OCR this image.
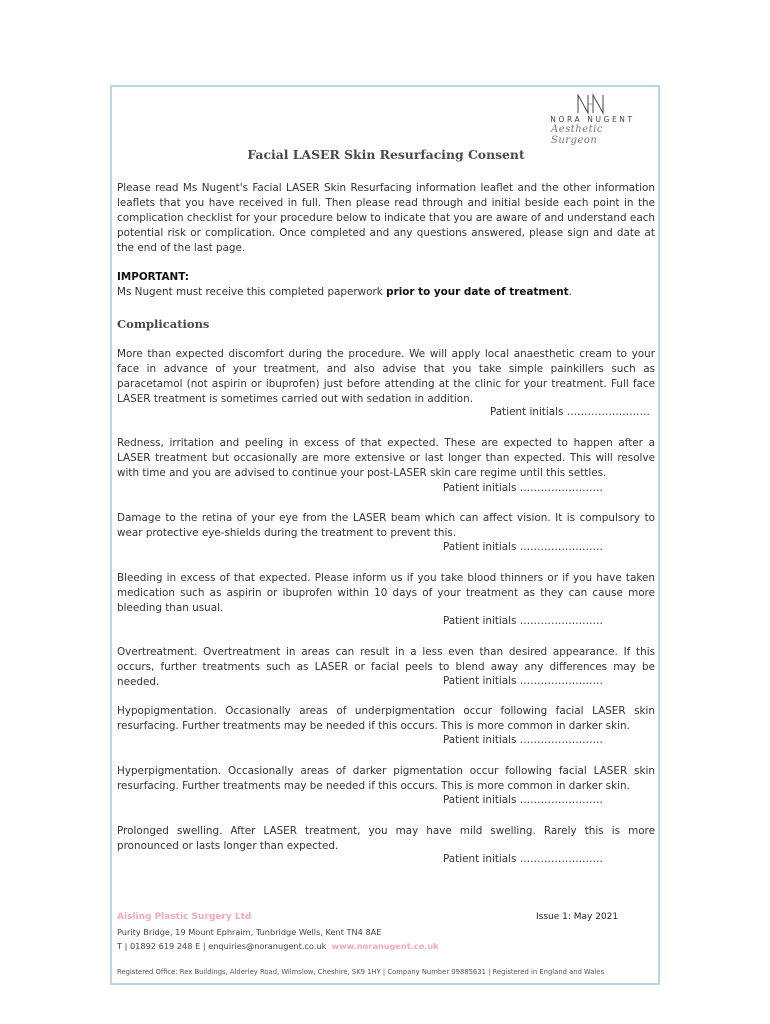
NORA NUGENT
Aesthetic Surgeon
Facial LASER Skin Resurfacing Consent
Please read Ms Nugent's Facial LASER Skin Resurfacing information leaflet and the other information leaflets that you have received in full. Then please read through and initial beside each point in the complication checklist for your procedure below to indicate that you are aware of and understand each potential risk or complication. Once completed and any questions answered, please sign and date at the end of the last page.
IMPORTANT:
Ms Nugent must receive this completed paperwork prior to your date of treatment.
Complications
More than expected discomfort during the procedure. We will apply local anaesthetic cream to your face in advance of your treatment, and also advise that you take simple painkillers such as paracetamol (not aspirin or ibuprofen) just before attending at the clinic for your treatment. Full face LASER treatment is sometimes carried out with sedation in addition.
Patient initials ……………………
Redness, irritation and peeling in excess of that expected. These are expected to happen after a LASER treatment but occasionally are more extensive or last longer than expected. This will resolve with time and you are advised to continue your post-LASER skin care regime until this settles.
Patient initials ……………………
Damage to the retina of your eye from the LASER beam which can affect vision. It is compulsory to wear protective eye-shields during the treatment to prevent this.
Patient initials ……………………
Bleeding in excess of that expected. Please inform us if you take blood thinners or if you have taken medication such as aspirin or ibuprofen within 10 days of your treatment as they can cause more bleeding than usual.
Patient initials ……………………
Overtreatment. Overtreatment in areas can result in a less even than desired appearance. If this occurs, further treatments such as LASER or facial peels to blend away any differences may be needed.	Patient initials ……………………
Hypopigmentation. Occasionally areas of underpigmentation occur following facial LASER skin resurfacing. Further treatments may be needed if this occurs. This is more common in darker skin.
Patient initials ……………………
Hyperpigmentation. Occasionally areas of darker pigmentation occur following facial LASER skin resurfacing. Further treatments may be needed if this occurs. This is more common in darker skin.
Patient initials ……………………
Prolonged swelling. After LASER treatment, you may have mild swelling. Rarely this is more pronounced or lasts longer than expected.
Patient initials ……………………
Aisling Plastic Surgery Ltd	Issue 1: May 2021
Purity Bridge, 19 Mount Ephraim, Tunbridge Wells, Kent TN4 8AE
T | 01892 619 248 E | enquiries@noranugent.co.uk www.noranugent.co.uk
Registered Office: Rex Buildings, Alderley Road, Wilmslow, Cheshire, SK9 1HY | Company Number 09885631 | Registered in England and Wales
